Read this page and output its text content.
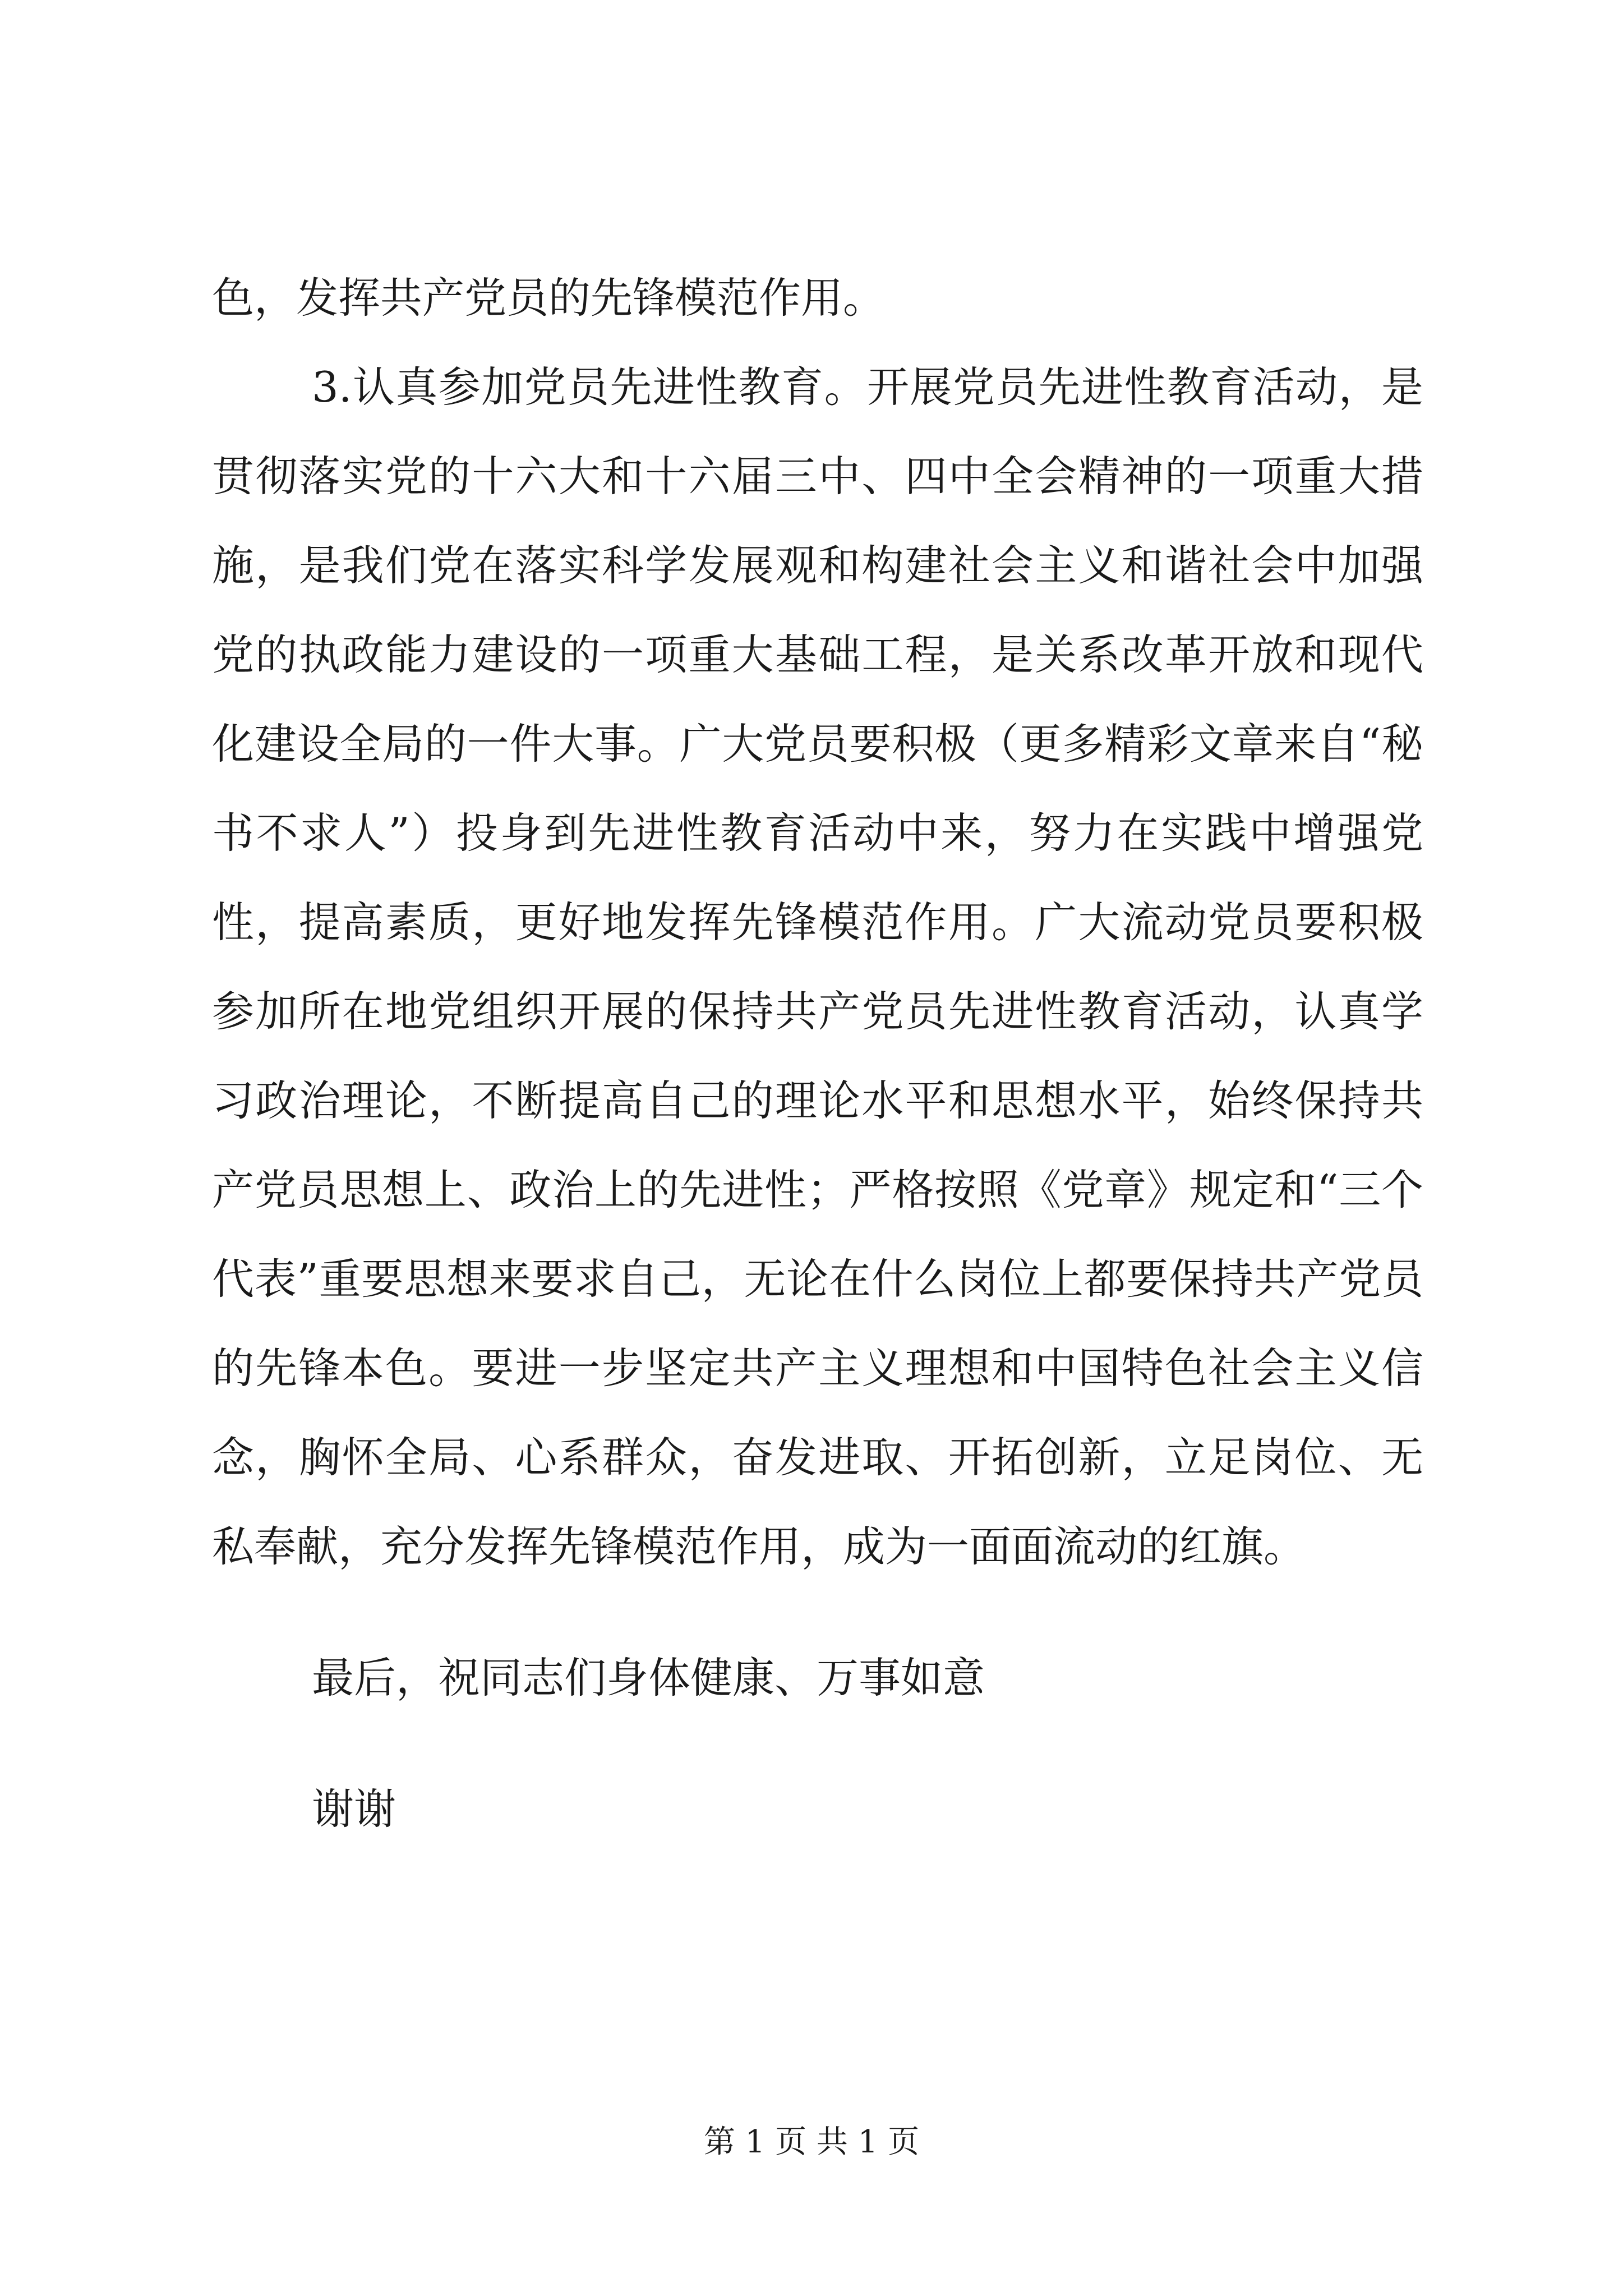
色，发挥共产党员的先锋模范作用。

3.认真参加党员先进性教育。开展党员先进性教育活动，是贯彻落实党的十六大和十六届三中、四中全会精神的一项重大措施，是我们党在落实科学发展观和构建社会主义和谐社会中加强党的执政能力建设的一项重大基础工程，是关系改革开放和现代化建设全局的一件大事。广大党员要积极（更多精彩文章来自“秘书不求人”）投身到先进性教育活动中来，努力在实践中增强党性，提高素质，更好地发挥先锋模范作用。广大流动党员要积极参加所在地党组织开展的保持共产党员先进性教育活动，认真学习政治理论，不断提高自己的理论水平和思想水平，始终保持共产党员思想上、政治上的先进性；严格按照《党章》规定和“三个代表”重要思想来要求自己，无论在什么岗位上都要保持共产党员的先锋本色。要进一步坚定共产主义理想和中国特色社会主义信念，胸怀全局、心系群众，奋发进取、开拓创新，立足岗位、无私奉献，充分发挥先锋模范作用，成为一面面流动的红旗。

最后，祝同志们身体健康、万事如意

谢谢

第 1 页 共 1 页
